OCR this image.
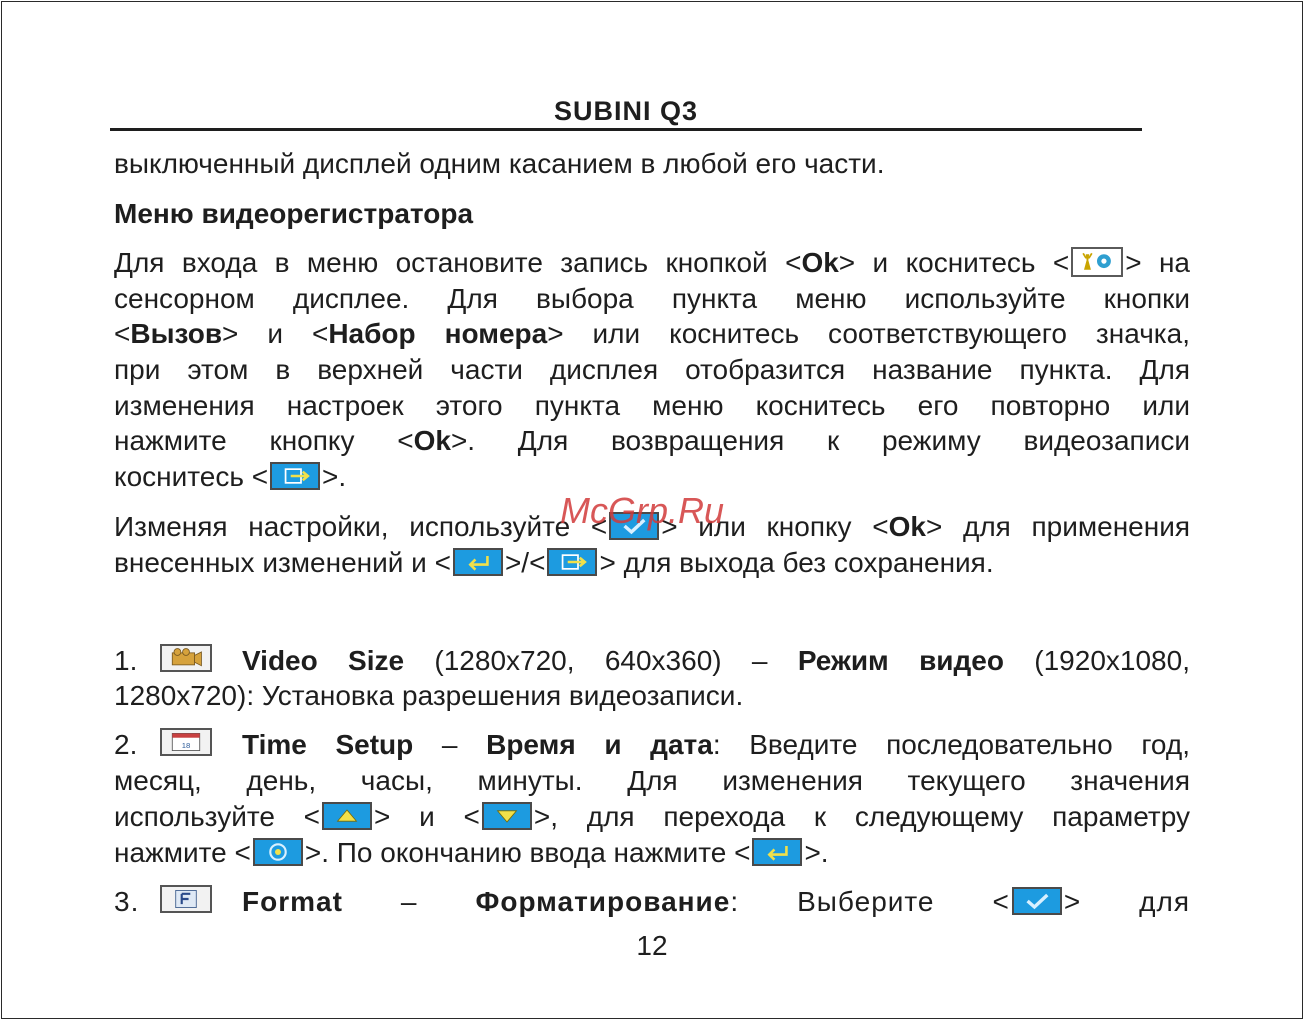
SUBINI Q3
выключенный дисплей одним касанием в любой его части.
Меню видеорегистратора
Для входа в меню остановите запись кнопкой <Ok> и коснитесь < > на
сенсорном дисплее. Для выбора пункта меню используйте кнопки
<Вызов> и <Набор номера> или коснитесь соответствующего значка,
при этом в верхней части дисплея отобразится название пункта. Для
изменения настроек этого пункта меню коснитесь его повторно или
нажмите кнопку <Ok>. Для возвращения к режиму видеозаписи
коснитесь < >.
Изменяя настройки, используйте < > или кнопку <Ok> для применения
внесенных изменений и < >/< > для выхода без сохранения.
1.	Video Size (1280x720, 640x360) – Режим видео (1920x1080,
1280x720): Установка разрешения видеозаписи.
2.	18 Time Setup – Время и дата: Введите последовательно год,
месяц, день, часы, минуты. Для изменения текущего значения
используйте < > и < >, для перехода к следующему параметру
нажмите < >. По окончанию ввода нажмите < >.
3.	Format – Форматирование: Выберите < > для
12
McGrp.Ru
